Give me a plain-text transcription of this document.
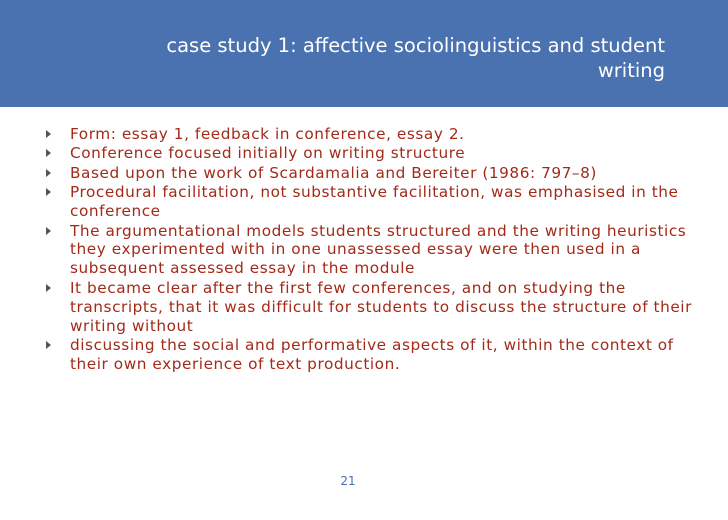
case study 1: affective sociolinguistics and student writing
Form: essay 1, feedback in conference, essay 2.
Conference focused initially on writing structure
Based upon the work of Scardamalia and Bereiter (1986: 797–8)
Procedural facilitation, not substantive facilitation, was emphasised in the conference
The argumentational models students structured and the writing heuristics they experimented with in one unassessed essay were then used in a subsequent assessed essay in the module
It became clear after the first few conferences, and on studying the transcripts, that it was difficult for students to discuss the structure of their writing without
discussing the social and performative aspects of it, within the context of their own experience of text production.
21
